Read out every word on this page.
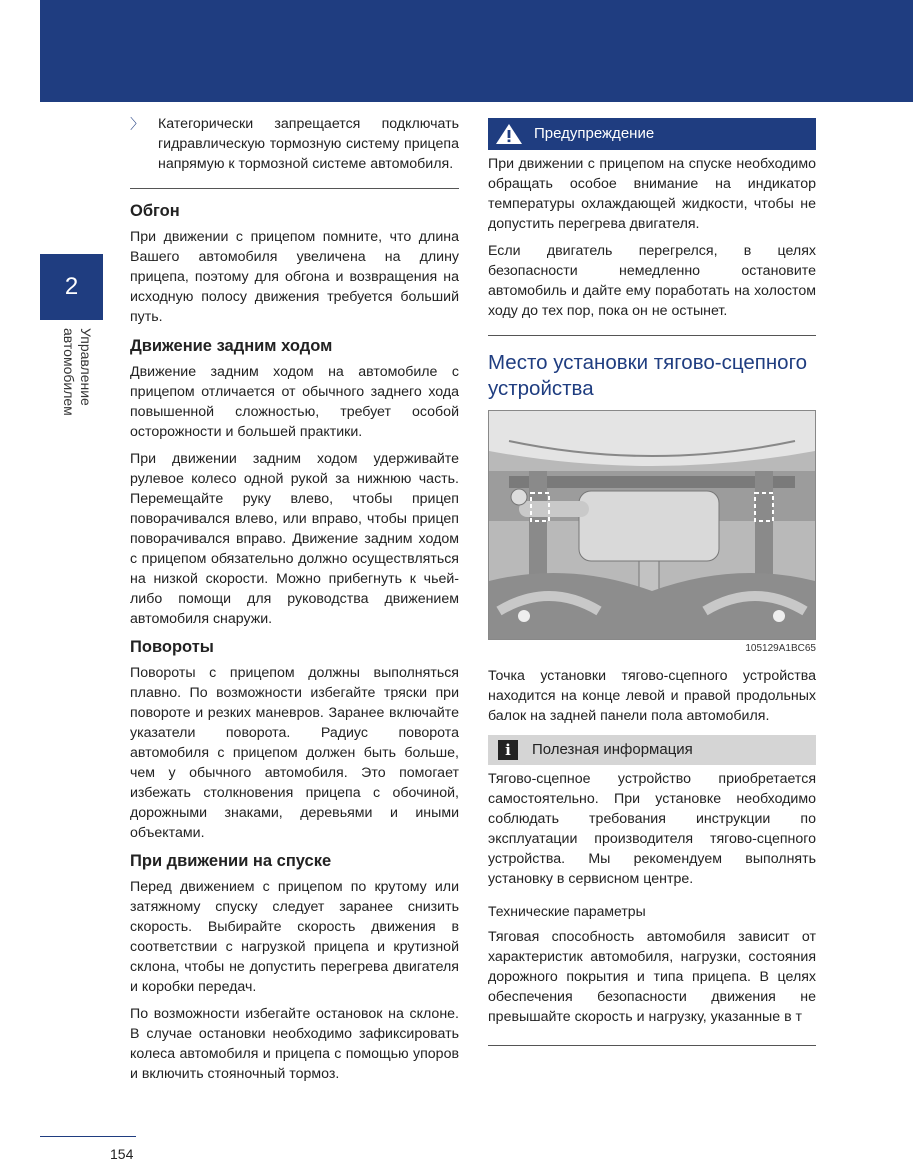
2
Управление
автомобилем
〉 Категорически запрещается подключать гидравлическую тормозную систему прицепа напрямую к тормозной системе автомобиля.
Обгон

При движении с прицепом помните, что длина Вашего автомобиля увеличена на длину прицепа, поэтому для обгона и возвращения на исходную полосу движения требуется больший путь.

Движение задним ходом

Движение задним ходом на автомобиле с прицепом отличается от обычного заднего хода повышенной сложностью, требует особой осторожности и большей практики.

При движении задним ходом удерживайте рулевое колесо одной рукой за нижнюю часть. Перемещайте руку влево, чтобы прицеп поворачивался влево, или вправо, чтобы прицеп поворачивался вправо. Движение задним ходом с прицепом обязательно должно осуществляться на низкой скорости. Можно прибегнуть к чьей-либо помощи для руководства движением автомобиля снаружи.

Повороты

Повороты с прицепом должны выполняться плавно. По возможности избегайте тряски при повороте и резких маневров. Заранее включайте указатели поворота. Радиус поворота автомобиля с прицепом должен быть больше, чем у обычного автомобиля. Это помогает избежать столкновения прицепа с обочиной, дорожными знаками, деревьями и иными объектами.

При движении на спуске

Перед движением с прицепом по крутому или затяжному спуску следует заранее снизить скорость. Выбирайте скорость движения в соответствии с нагрузкой прицепа и крутизной склона, чтобы не допустить перегрева двигателя и коробки передач.

По возможности избегайте остановок на склоне. В случае остановки необходимо зафиксировать колеса автомобиля и прицепа с помощью упоров и включить стояночный тормоз.

Предупреждение

При движении с прицепом на спуске необходимо обращать особое внимание на индикатор температуры охлаждающей жидкости, чтобы не допустить перегрева двигателя.

Если двигатель перегрелся, в целях безопасности немедленно остановите автомобиль и дайте ему поработать на холостом ходу до тех пор, пока он не остынет.

Место установки тягово-сцепного устройства
105129A1BC65

Точка установки тягово-сцепного устройства находится на конце левой и правой продольных балок на задней панели пола автомобиля.

i	Полезная информация

Тягово-сцепное устройство приобретается самостоятельно. При установке необходимо соблюдать требования инструкции по эксплуатации производителя тягово-сцепного устройства. Мы рекомендуем выполнять установку в сервисном центре.

Технические параметры

Тяговая способность автомобиля зависит от характеристик автомобиля, нагрузки, состояния дорожного покрытия и типа прицепа. В целях обеспечения безопасности движения не превышайте скорость и нагрузку, указанные в т

154
